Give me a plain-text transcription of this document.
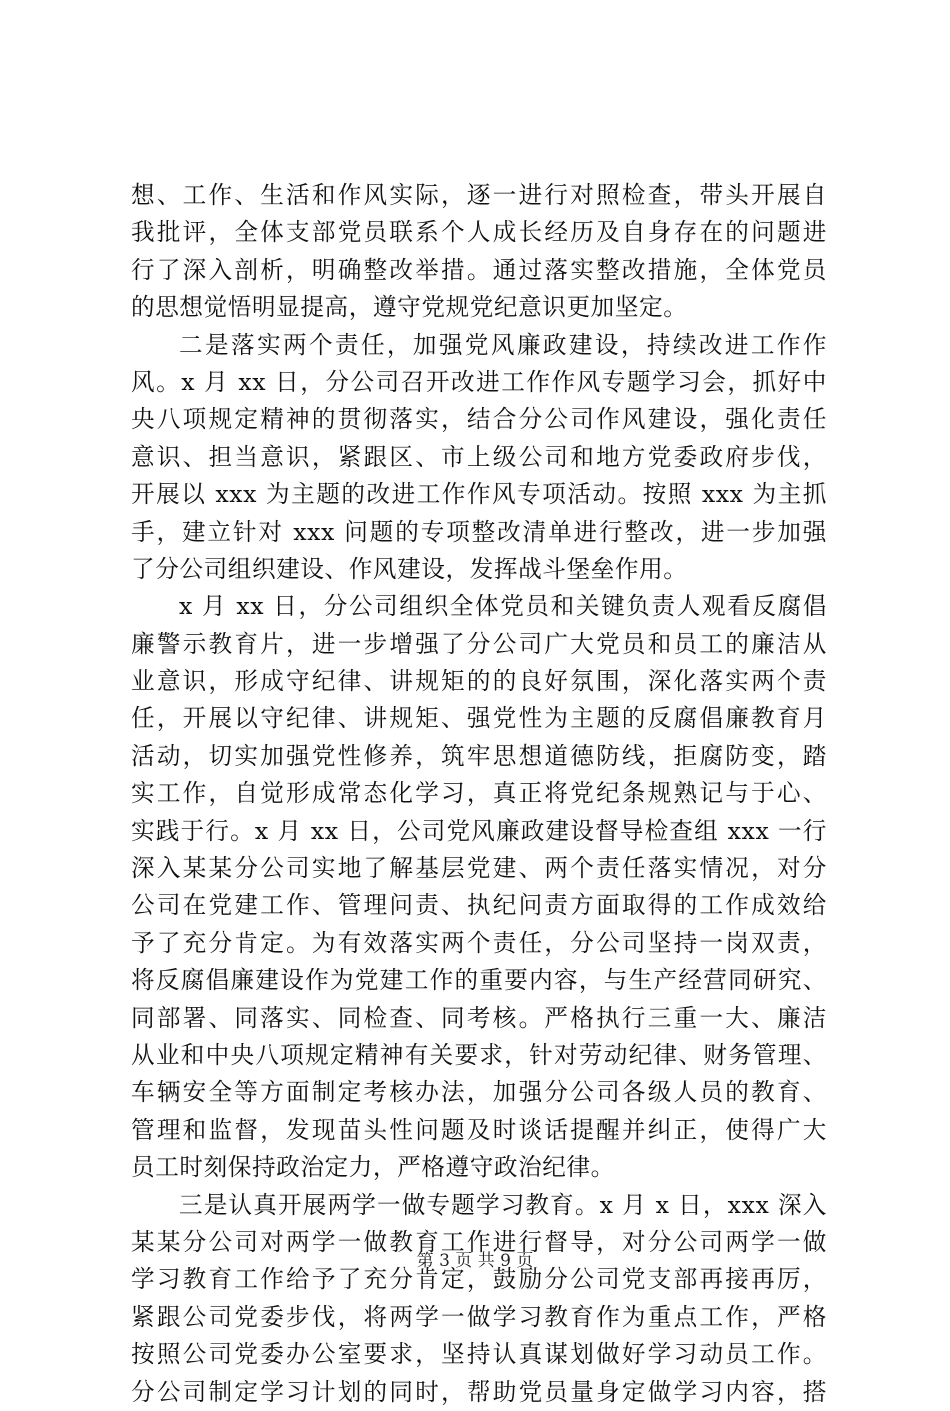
想、工作、生活和作风实际，逐一进行对照检查，带头开展自
我批评，全体支部党员联系个人成长经历及自身存在的问题进
行了深入剖析，明确整改举措。通过落实整改措施，全体党员
的思想觉悟明显提高，遵守党规党纪意识更加坚定。
二是落实两个责任，加强党风廉政建设，持续改进工作作
风。x 月 xx 日，分公司召开改进工作作风专题学习会，抓好中
央八项规定精神的贯彻落实，结合分公司作风建设，强化责任
意识、担当意识，紧跟区、市上级公司和地方党委政府步伐，
开展以 xxx 为主题的改进工作作风专项活动。按照 xxx 为主抓
手，建立针对 xxx 问题的专项整改清单进行整改，进一步加强
了分公司组织建设、作风建设，发挥战斗堡垒作用。
x 月 xx 日，分公司组织全体党员和关键负责人观看反腐倡
廉警示教育片，进一步增强了分公司广大党员和员工的廉洁从
业意识，形成守纪律、讲规矩的的良好氛围，深化落实两个责
任，开展以守纪律、讲规矩、强党性为主题的反腐倡廉教育月
活动，切实加强党性修养，筑牢思想道德防线，拒腐防变，踏
实工作，自觉形成常态化学习，真正将党纪条规熟记与于心、
实践于行。x 月 xx 日，公司党风廉政建设督导检查组 xxx 一行
深入某某分公司实地了解基层党建、两个责任落实情况，对分
公司在党建工作、管理问责、执纪问责方面取得的工作成效给
予了充分肯定。为有效落实两个责任，分公司坚持一岗双责，
将反腐倡廉建设作为党建工作的重要内容，与生产经营同研究、
同部署、同落实、同检查、同考核。严格执行三重一大、廉洁
从业和中央八项规定精神有关要求，针对劳动纪律、财务管理、
车辆安全等方面制定考核办法，加强分公司各级人员的教育、
管理和监督，发现苗头性问题及时谈话提醒并纠正，使得广大
员工时刻保持政治定力，严格遵守政治纪律。
三是认真开展两学一做专题学习教育。x 月 x 日，xxx 深入
某某分公司对两学一做教育工作进行督导，对分公司两学一做
学习教育工作给予了充分肯定，鼓励分公司党支部再接再厉，
紧跟公司党委步伐，将两学一做学习教育作为重点工作，严格
按照公司党委办公室要求，坚持认真谋划做好学习动员工作。
分公司制定学习计划的同时，帮助党员量身定做学习内容，搭
第 3 页 共 9 页
